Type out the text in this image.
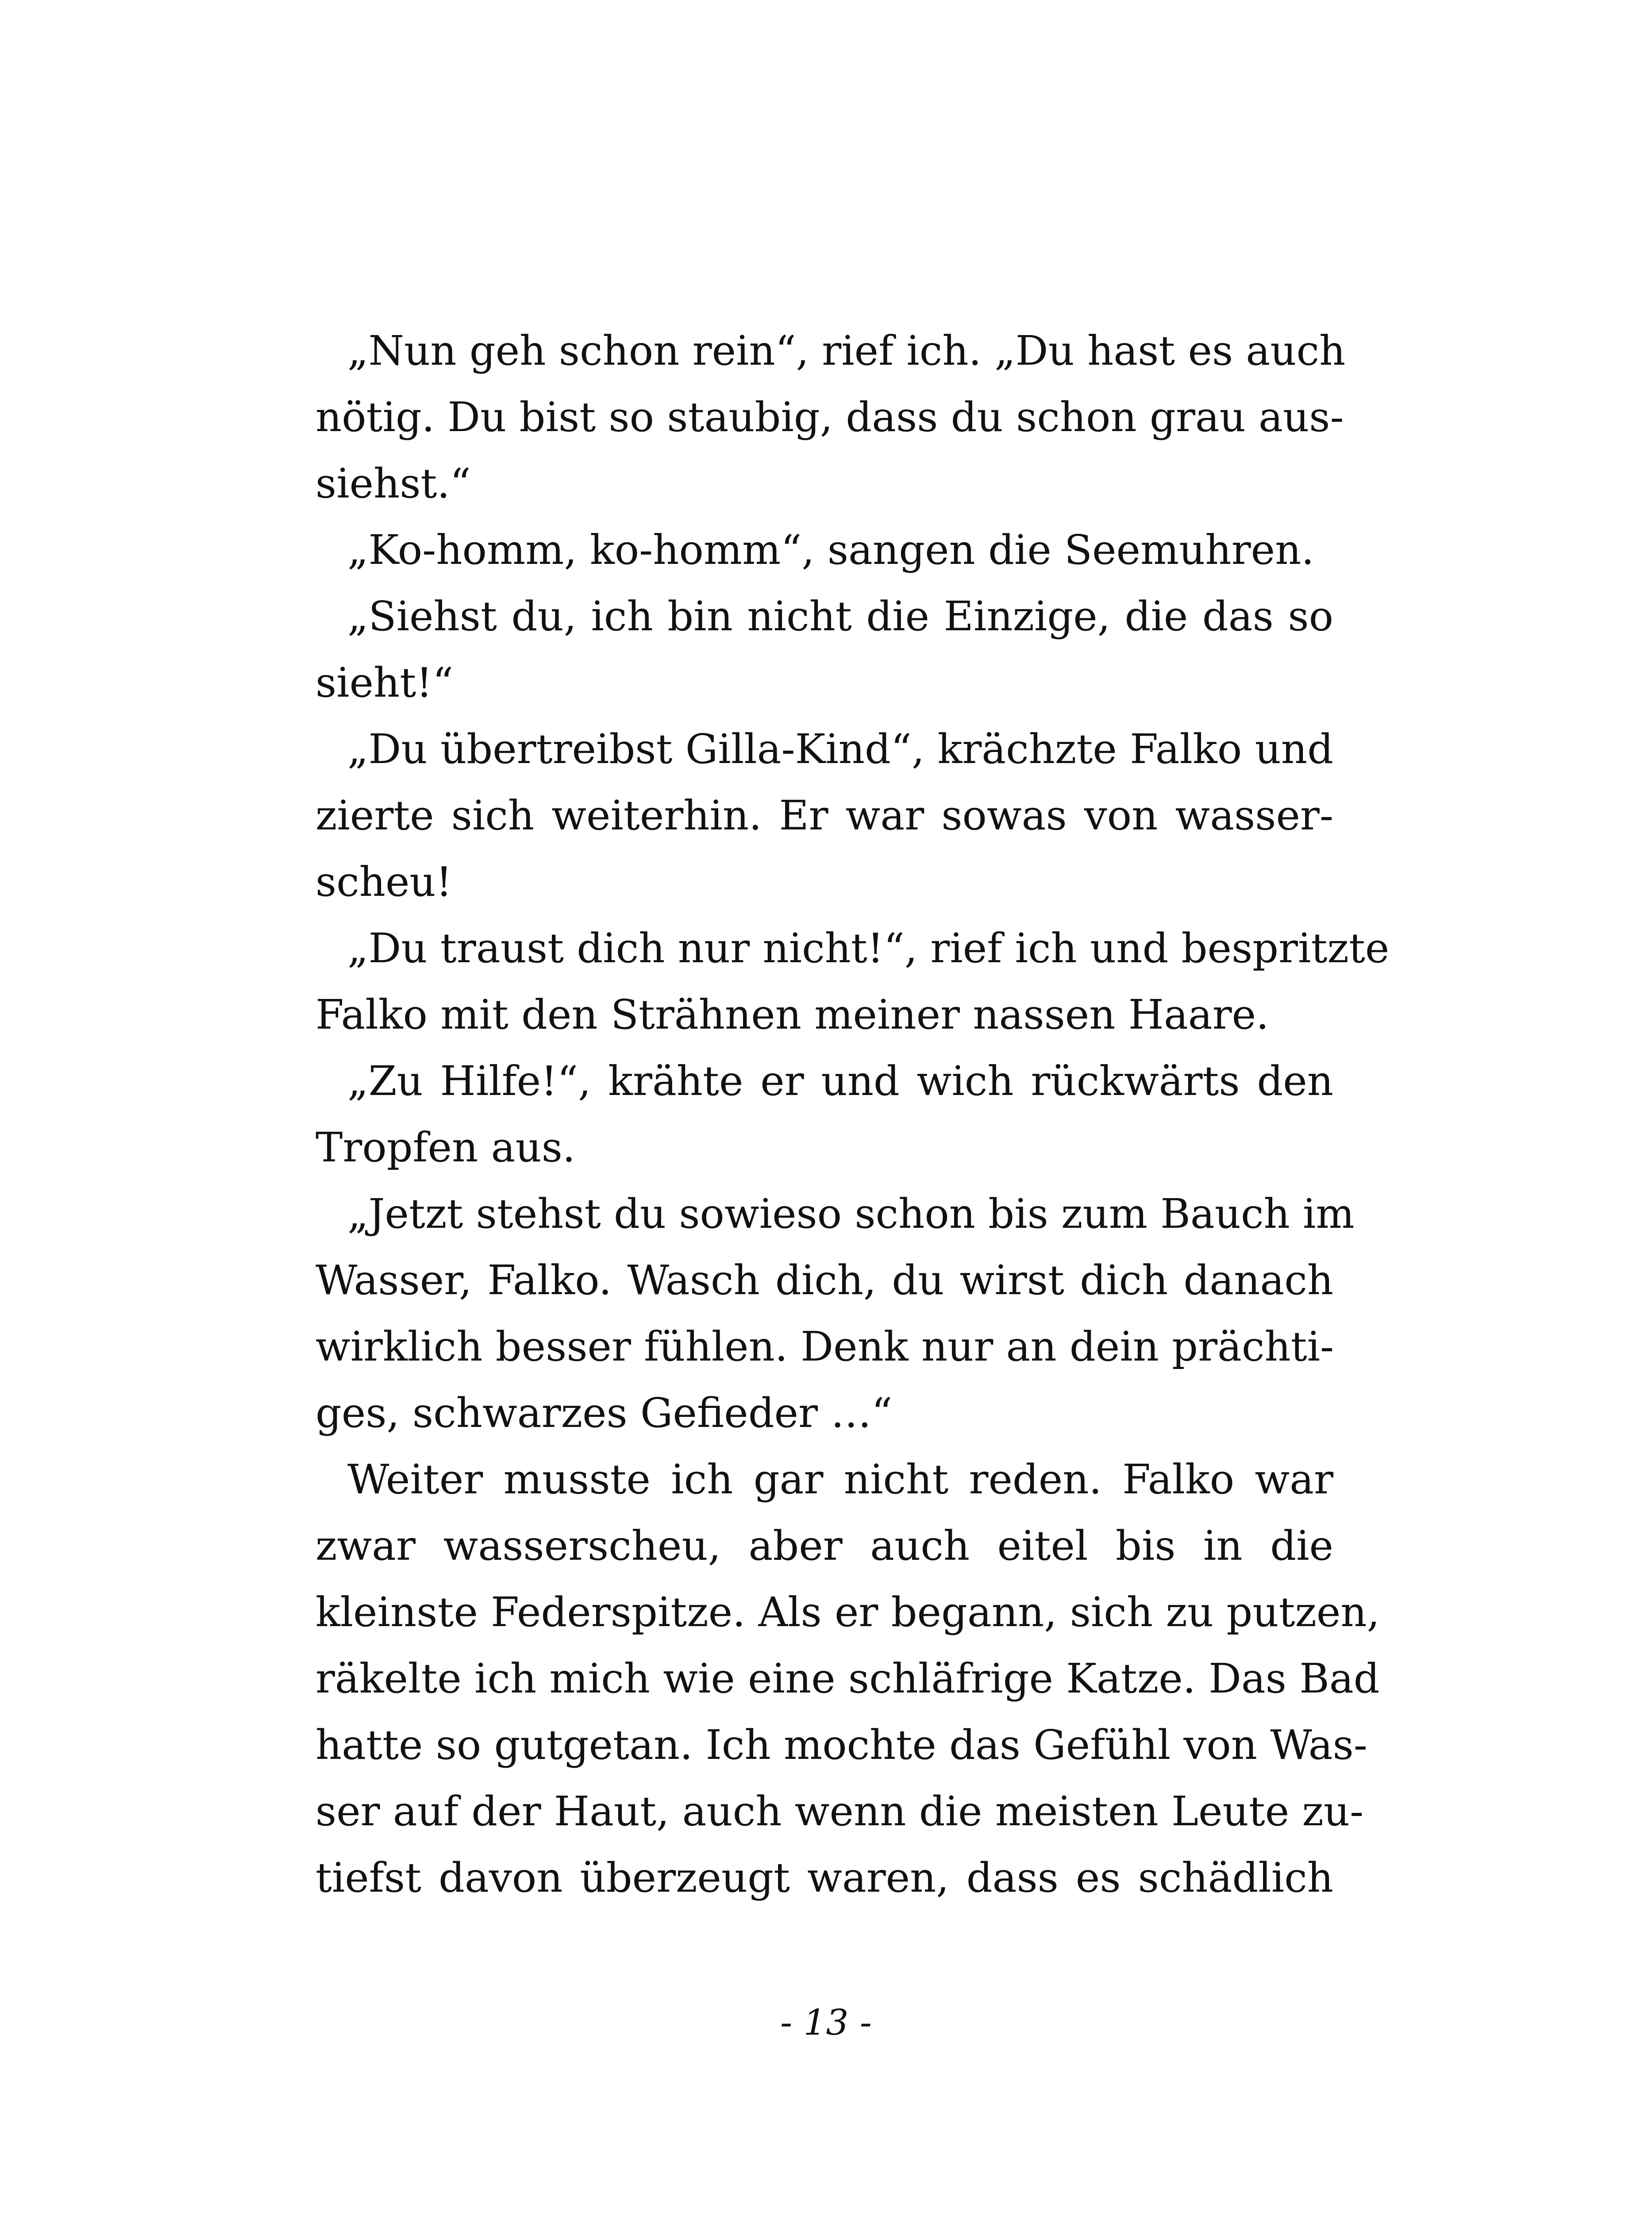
„Nun geh schon rein“, rief ich. „Du hast es auch
nötig. Du bist so staubig, dass du schon grau aus-
siehst.“
„Ko-homm, ko-homm“, sangen die Seemuhren.
„Siehst du, ich bin nicht die Einzige, die das so
sieht!“
„Du übertreibst Gilla-Kind“, krächzte Falko und
zierte sich weiterhin. Er war sowas von wasser-
scheu!
„Du traust dich nur nicht!“, rief ich und bespritzte
Falko mit den Strähnen meiner nassen Haare.
„Zu Hilfe!“, krähte er und wich rückwärts den
Tropfen aus.
„Jetzt stehst du sowieso schon bis zum Bauch im
Wasser, Falko. Wasch dich, du wirst dich danach
wirklich besser fühlen. Denk nur an dein prächti-
ges, schwarzes Gefieder …“
Weiter musste ich gar nicht reden. Falko war
zwar wasserscheu, aber auch eitel bis in die
kleinste Federspitze. Als er begann, sich zu putzen,
räkelte ich mich wie eine schläfrige Katze. Das Bad
hatte so gutgetan. Ich mochte das Gefühl von Was-
ser auf der Haut, auch wenn die meisten Leute zu-
tiefst davon überzeugt waren, dass es schädlich
- 13 -
